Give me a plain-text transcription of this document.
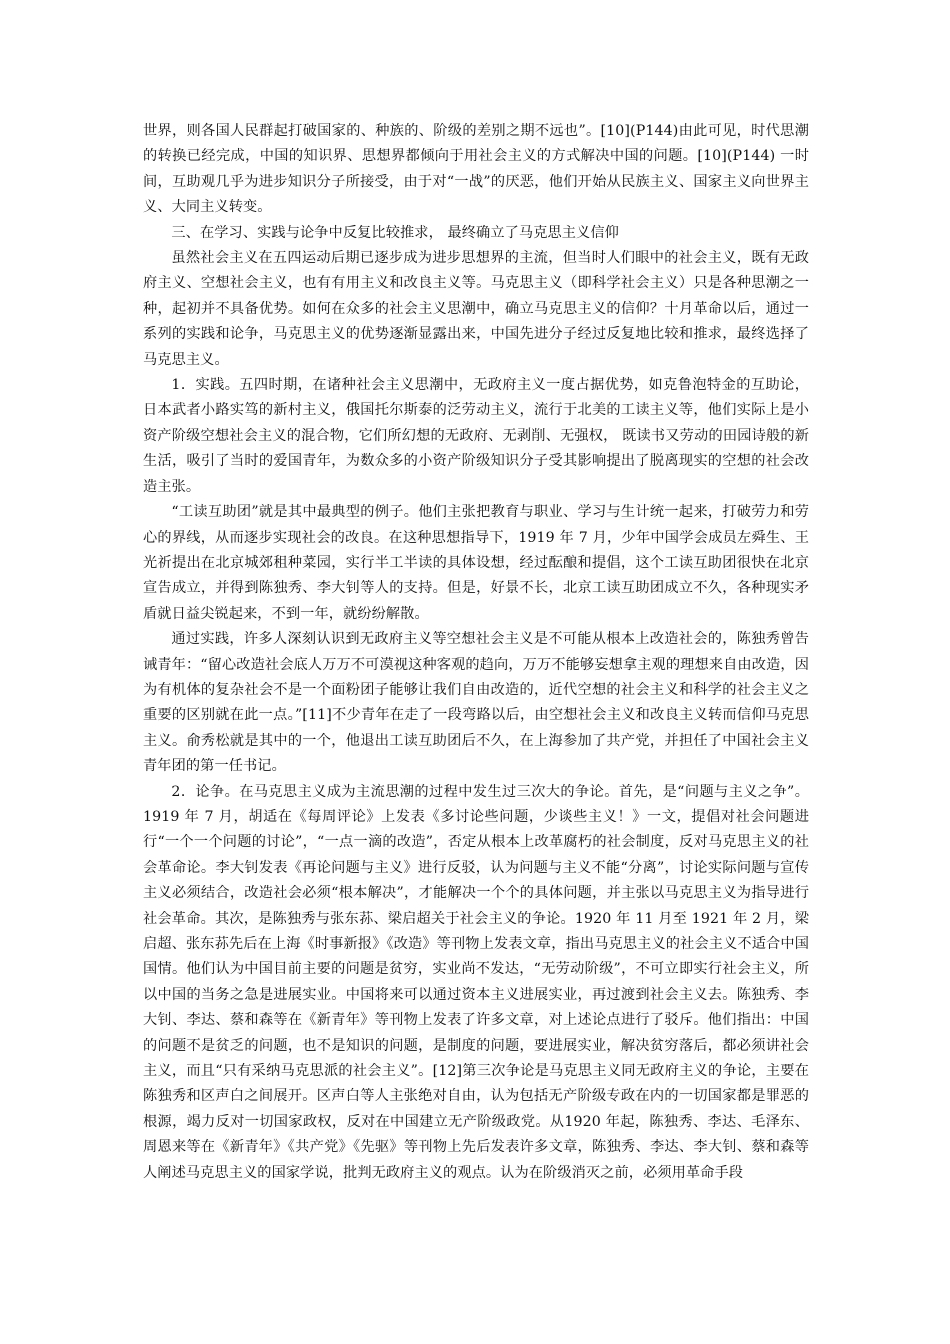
世界，则各国人民群起打破国家的、种族的、阶级的差别之期不远也”。[10](P144)由此可见，时代思潮的转换已经完成，中国的知识界、思想界都倾向于用社会主义的方式解决中国的问题。[10](P144) 一时间，互助观几乎为进步知识分子所接受，由于对“一战”的厌恶，他们开始从民族主义、国家主义向世界主义、大同主义转变。

三、在学习、实践与论争中反复比较推求， 最终确立了马克思主义信仰

虽然社会主义在五四运动后期已逐步成为进步思想界的主流，但当时人们眼中的社会主义，既有无政府主义、空想社会主义，也有有用主义和改良主义等。马克思主义（即科学社会主义）只是各种思潮之一种，起初并不具备优势。如何在众多的社会主义思潮中，确立马克思主义的信仰？十月革命以后，通过一系列的实践和论争，马克思主义的优势逐渐显露出来，中国先进分子经过反复地比较和推求，最终选择了马克思主义。

1．实践。五四时期，在诸种社会主义思潮中，无政府主义一度占据优势，如克鲁泡特金的互助论，日本武者小路实笃的新村主义，俄国托尔斯泰的泛劳动主义，流行于北美的工读主义等，他们实际上是小资产阶级空想社会主义的混合物，它们所幻想的无政府、无剥削、无强权， 既读书又劳动的田园诗般的新生活，吸引了当时的爱国青年，为数众多的小资产阶级知识分子受其影响提出了脱离现实的空想的社会改造主张。

“工读互助团”就是其中最典型的例子。他们主张把教育与职业、学习与生计统一起来，打破劳力和劳心的界线，从而逐步实现社会的改良。在这种思想指导下，1919 年 7 月，少年中国学会成员左舜生、王光祈提出在北京城郊租种菜园，实行半工半读的具体设想，经过酝酿和提倡，这个工读互助团很快在北京宣告成立，并得到陈独秀、李大钊等人的支持。但是，好景不长，北京工读互助团成立不久，各种现实矛盾就日益尖锐起来，不到一年，就纷纷解散。

通过实践，许多人深刻认识到无政府主义等空想社会主义是不可能从根本上改造社会的，陈独秀曾告诫青年：“留心改造社会底人万万不可漠视这种客观的趋向，万万不能够妄想拿主观的理想来自由改造，因为有机体的复杂社会不是一个面粉团子能够让我们自由改造的，近代空想的社会主义和科学的社会主义之重要的区别就在此一点。”[11]不少青年在走了一段弯路以后，由空想社会主义和改良主义转而信仰马克思主义。俞秀松就是其中的一个，他退出工读互助团后不久，在上海参加了共产党，并担任了中国社会主义青年团的第一任书记。

2．论争。在马克思主义成为主流思潮的过程中发生过三次大的争论。首先，是“问题与主义之争”。1919 年 7 月，胡适在《每周评论》上发表《多讨论些问题，少谈些主义！》一文，提倡对社会问题进行“一个一个问题的讨论”，“一点一滴的改造”，否定从根本上改革腐朽的社会制度，反对马克思主义的社会革命论。李大钊发表《再论问题与主义》进行反驳，认为问题与主义不能“分离”，讨论实际问题与宣传主义必须结合，改造社会必须“根本解决”，才能解决一个个的具体问题，并主张以马克思主义为指导进行社会革命。其次，是陈独秀与张东荪、梁启超关于社会主义的争论。1920 年 11 月至 1921 年 2 月，梁启超、张东荪先后在上海《时事新报》《改造》等刊物上发表文章，指出马克思主义的社会主义不适合中国国情。他们认为中国目前主要的问题是贫穷，实业尚不发达，“无劳动阶级”，不可立即实行社会主义，所以中国的当务之急是进展实业。中国将来可以通过资本主义进展实业，再过渡到社会主义去。陈独秀、李大钊、李达、蔡和森等在《新青年》等刊物上发表了许多文章，对上述论点进行了驳斥。他们指出：中国的问题不是贫乏的问题，也不是知识的问题，是制度的问题，要进展实业，解决贫穷落后，都必须讲社会主义，而且“只有采纳马克思派的社会主义”。[12]第三次争论是马克思主义同无政府主义的争论，主要在陈独秀和区声白之间展开。区声白等人主张绝对自由，认为包括无产阶级专政在内的一切国家都是罪恶的根源，竭力反对一切国家政权，反对在中国建立无产阶级政党。从1920 年起，陈独秀、李达、毛泽东、周恩来等在《新青年》《共产党》《先驱》等刊物上先后发表许多文章，陈独秀、李达、李大钊、蔡和森等人阐述马克思主义的国家学说，批判无政府主义的观点。认为在阶级消灭之前，必须用革命手段
